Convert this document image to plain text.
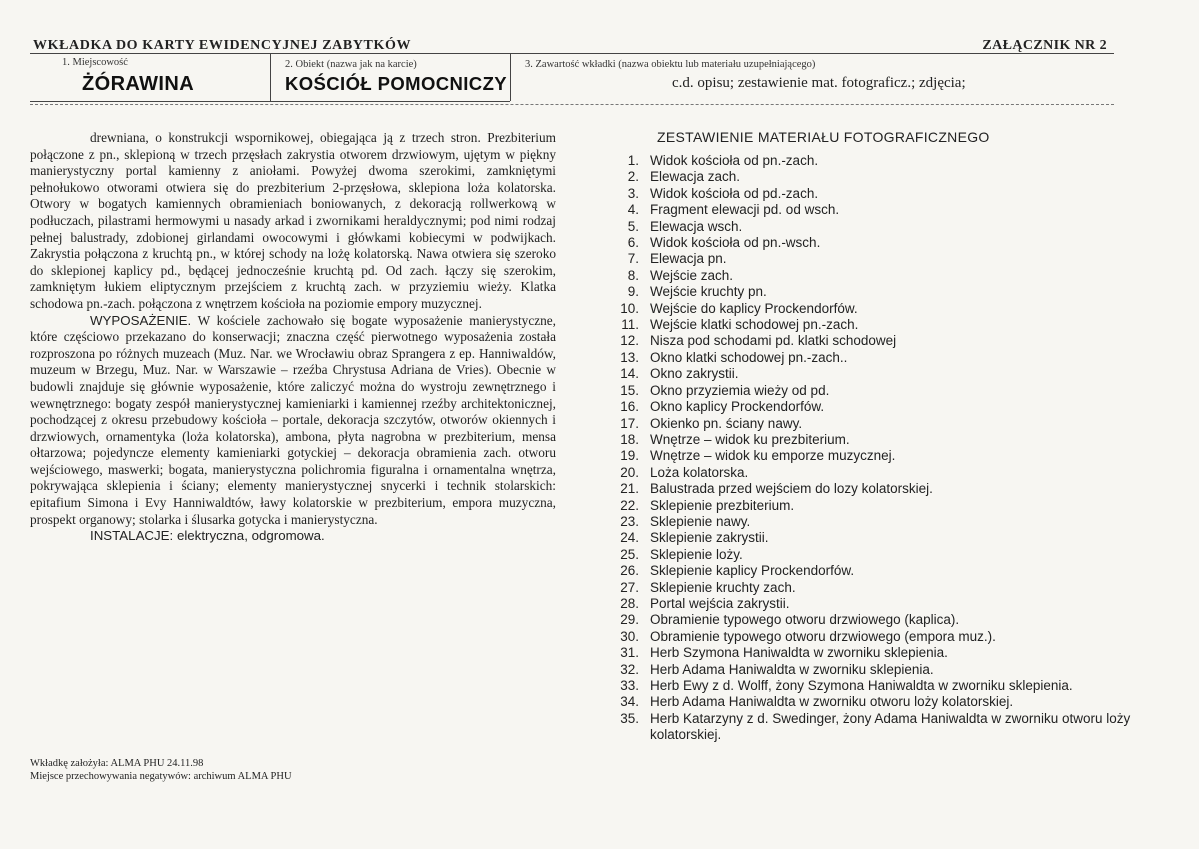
WKŁADKA DO KARTY EWIDENCYJNEJ ZABYTKÓW	ZAŁĄCZNIK NR 2
1. Miejscowość
ŻÓRAWINA
2. Obiekt (nazwa jak na karcie)
KOŚCIÓŁ POMOCNICZY
3. Zawartość wkładki (nazwa obiektu lub materiału uzupełniającego)
c.d. opisu; zestawienie mat. fotograficz.; zdjęcia;

drewniana, o konstrukcji wspornikowej, obiegająca ją z trzech stron. Prezbiterium połączone z pn., sklepioną w trzech przęsłach zakrystia otworem drzwiowym, ujętym w piękny manierystyczny portal kamienny z aniołami. Powyżej dwoma szerokimi, zamkniętymi pełnołukowo otworami otwiera się do prezbiterium 2-przęsłowa, sklepiona loża kolatorska. Otwory w bogatych kamiennych obramieniach boniowanych, z dekoracją rollwerkową w podłuczach, pilastrami hermowymi u nasady arkad i zwornikami heraldycznymi; pod nimi rodzaj pełnej balustrady, zdobionej girlandami owocowymi i główkami kobiecymi w podwijkach. Zakrystia połączona z kruchtą pn., w której schody na lożę kolatorską. Nawa otwiera się szeroko do sklepionej kaplicy pd., będącej jednocześnie kruchtą pd. Od zach. łączy się szerokim, zamkniętym łukiem eliptycznym przejściem z kruchtą zach. w przyziemiu wieży. Klatka schodowa pn.-zach. połączona z wnętrzem kościoła na poziomie empory muzycznej.

WYPOSAŻENIE. W kościele zachowało się bogate wyposażenie manierystyczne, które częściowo przekazano do konserwacji; znaczna część pierwotnego wyposażenia została rozproszona po różnych muzeach (Muz. Nar. we Wrocławiu obraz Sprangera z ep. Hanniwaldów, muzeum w Brzegu, Muz. Nar. w Warszawie – rzeźba Chrystusa Adriana de Vries). Obecnie w budowli znajduje się głównie wyposażenie, które zaliczyć można do wystroju zewnętrznego i wewnętrznego: bogaty zespół manierystycznej kamieniarki i kamiennej rzeźby architektonicznej, pochodzącej z okresu przebudowy kościoła – portale, dekoracja szczytów, otworów okiennych i drzwiowych, ornamentyka (loża kolatorska), ambona, płyta nagrobna w prezbiterium, mensa ołtarzowa; pojedyncze elementy kamieniarki gotyckiej – dekoracja obramienia zach. otworu wejściowego, maswerki; bogata, manierystyczna polichromia figuralna i ornamentalna wnętrza, pokrywająca sklepienia i ściany; elementy manierystycznej snycerki i technik stolarskich: epitafium Simona i Evy Hanniwaldtów, ławy kolatorskie w prezbiterium, empora muzyczna, prospekt organowy; stolarka i ślusarka gotycka i manierystyczna.

INSTALACJE: elektryczna, odgromowa.

ZESTAWIENIE MATERIAŁU FOTOGRAFICZNEGO
1. Widok kościoła od pn.-zach.
2. Elewacja zach.
3. Widok kościoła od pd.-zach.
4. Fragment elewacji pd. od wsch.
5. Elewacja wsch.
6. Widok kościoła od pn.-wsch.
7. Elewacja pn.
8. Wejście zach.
9. Wejście kruchty pn.
10. Wejście do kaplicy Prockendorfów.
11. Wejście klatki schodowej pn.-zach.
12. Nisza pod schodami pd. klatki schodowej
13. Okno klatki schodowej pn.-zach..
14. Okno zakrystii.
15. Okno przyziemia wieży od pd.
16. Okno kaplicy Prockendorfów.
17. Okienko pn. ściany nawy.
18. Wnętrze – widok ku prezbiterium.
19. Wnętrze – widok ku emporze muzycznej.
20. Loża kolatorska.
21. Balustrada przed wejściem do lozy kolatorskiej.
22. Sklepienie prezbiterium.
23. Sklepienie nawy.
24. Sklepienie zakrystii.
25. Sklepienie loży.
26. Sklepienie kaplicy Prockendorfów.
27. Sklepienie kruchty zach.
28. Portal wejścia zakrystii.
29. Obramienie typowego otworu drzwiowego (kaplica).
30. Obramienie typowego otworu drzwiowego (empora muz.).
31. Herb Szymona Haniwaldta w zworniku sklepienia.
32. Herb Adama Haniwaldta w zworniku sklepienia.
33. Herb Ewy z d. Wolff, żony Szymona Haniwaldta w zworniku sklepienia.
34. Herb Adama Haniwaldta w zworniku otworu loży kolatorskiej.
35. Herb Katarzyny z d. Swedinger, żony Adama Haniwaldta w zworniku otworu loży kolatorskiej.
Wkładkę założyła: ALMA PHU 24.11.98
Miejsce przechowywania negatywów: archiwum ALMA PHU
